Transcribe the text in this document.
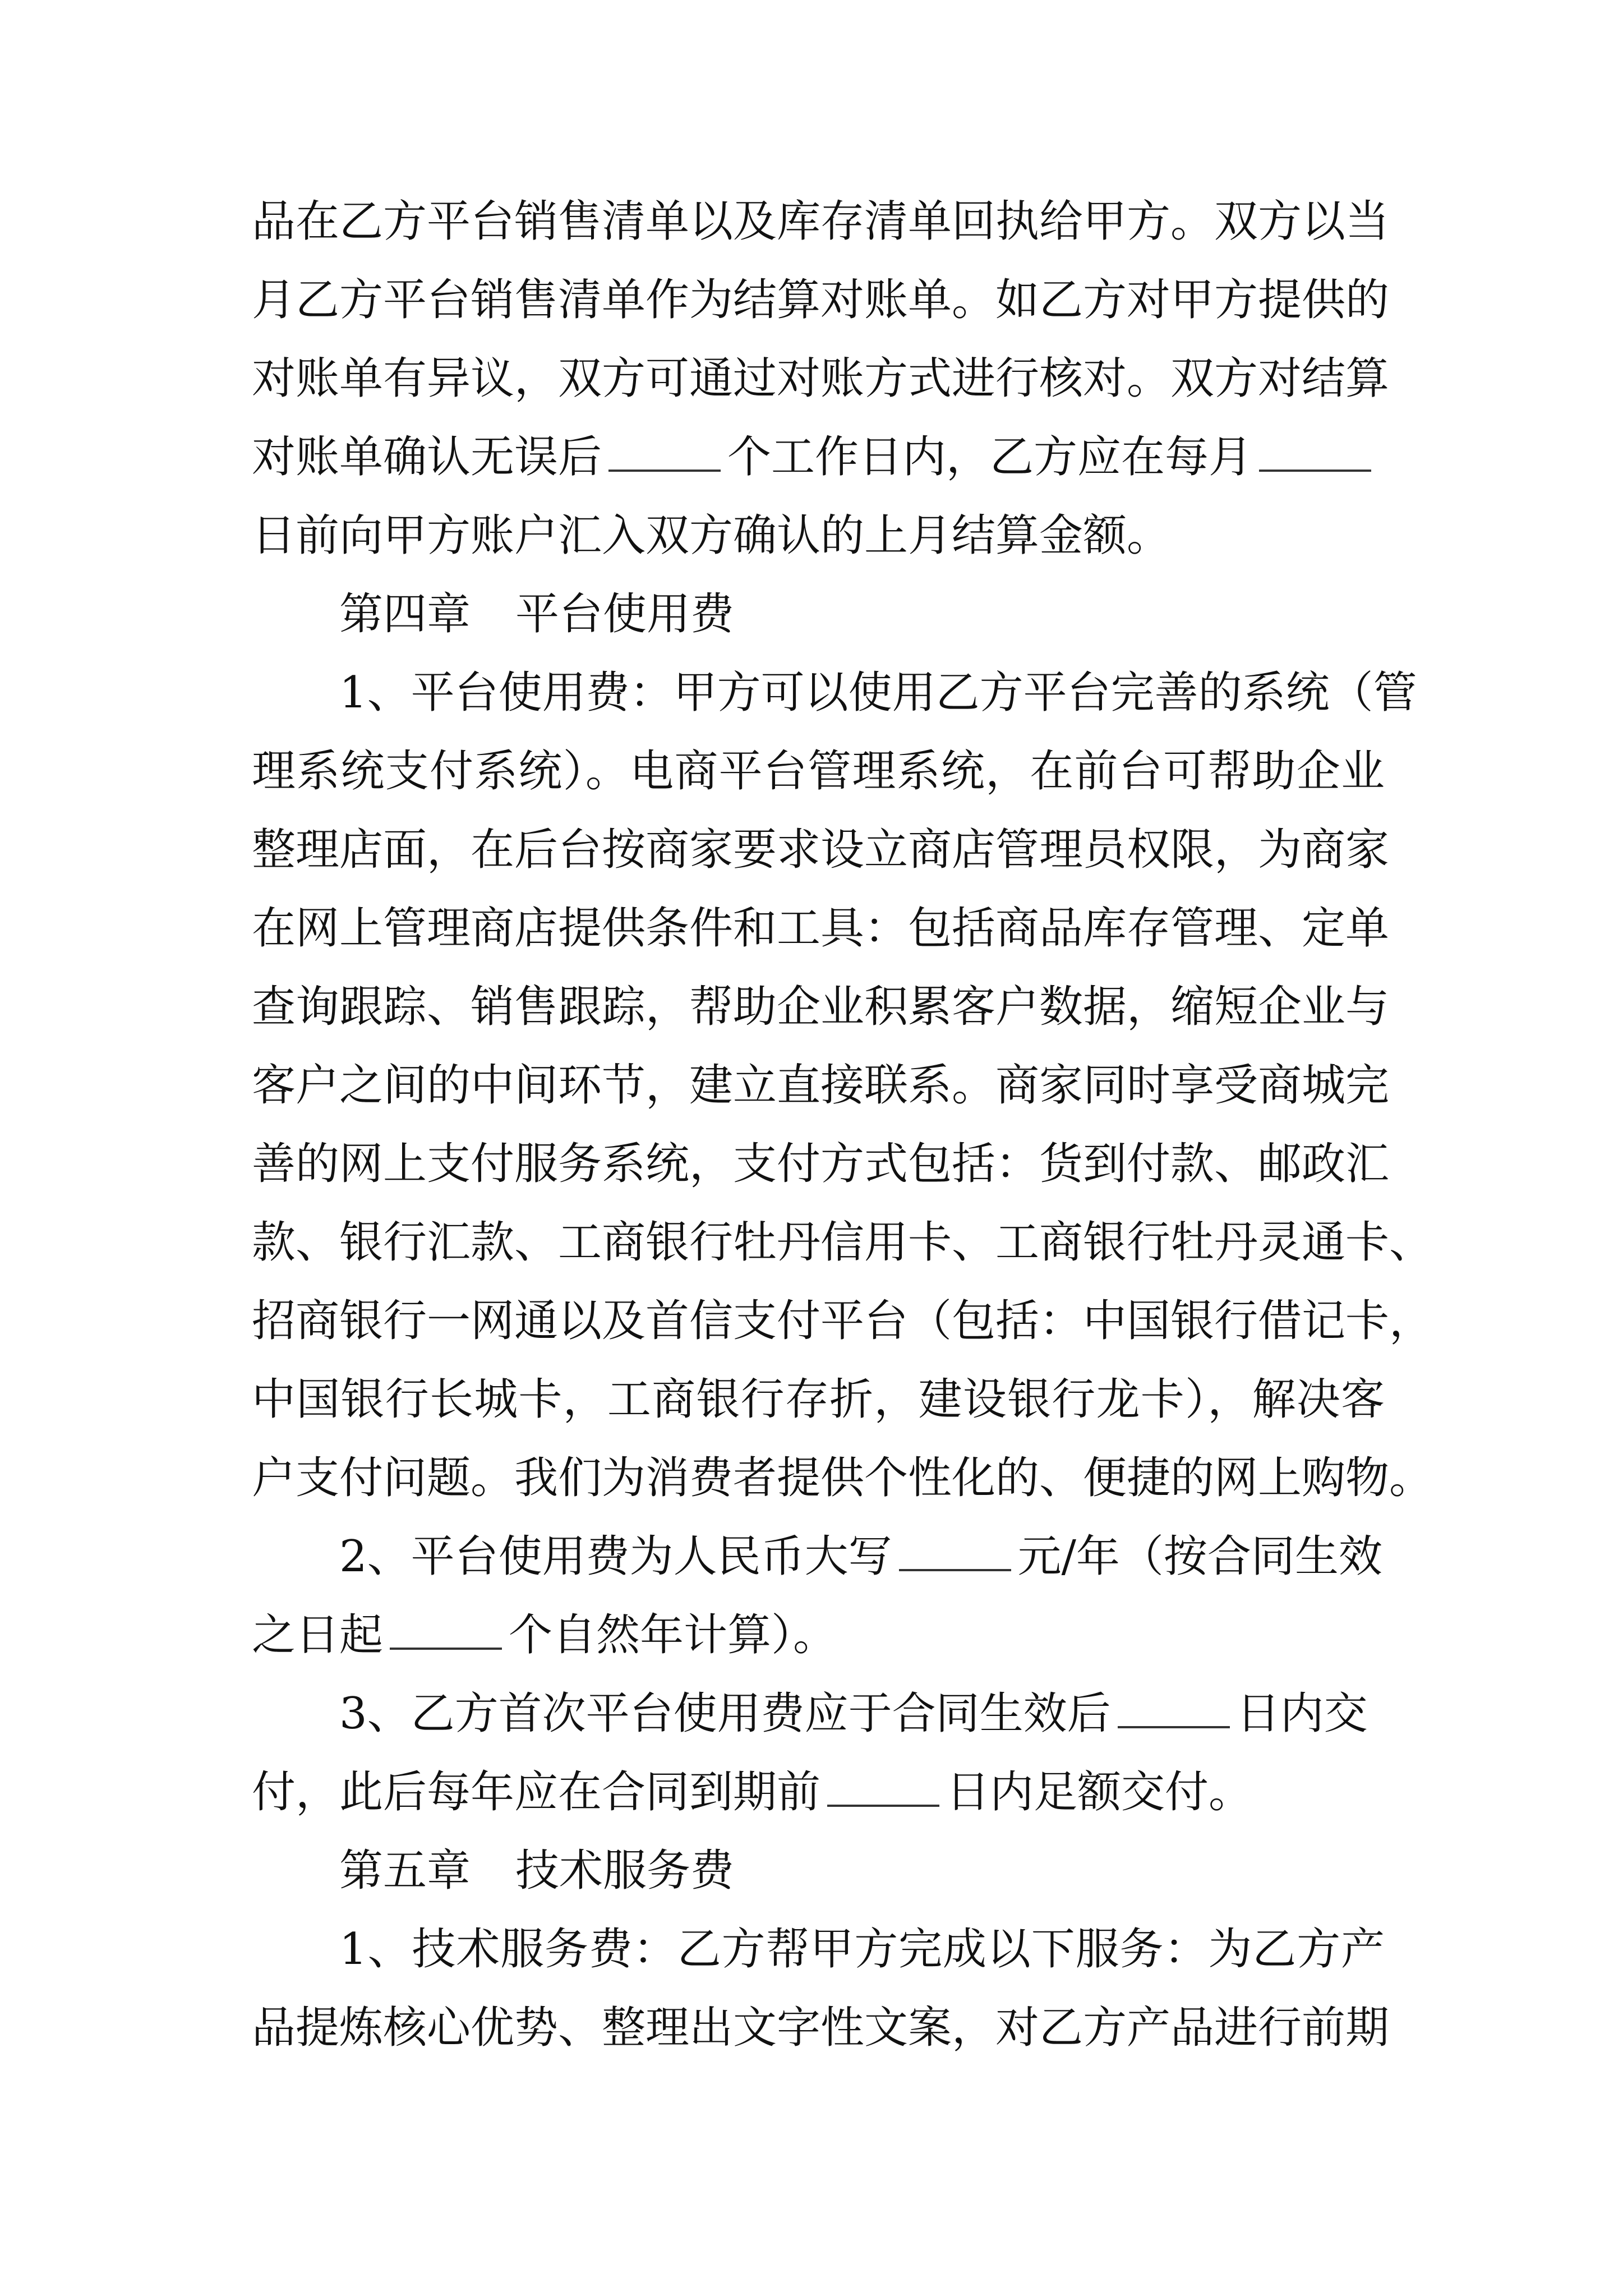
品在乙方平台销售清单以及库存清单回执给甲方。双方以当
月乙方平台销售清单作为结算对账单。如乙方对甲方提供的
对账单有异议，双方可通过对账方式进行核对。双方对结算
对账单确认无误后	个工作日内，乙方应在每月
日前向甲方账户汇入双方确认的上月结算金额。
第四章 平台使用费
1、平台使用费：甲方可以使用乙方平台完善的系统（管
理系统支付系统）。电商平台管理系统，在前台可帮助企业
整理店面，在后台按商家要求设立商店管理员权限，为商家
在网上管理商店提供条件和工具：包括商品库存管理、定单
查询跟踪、销售跟踪，帮助企业积累客户数据，缩短企业与
客户之间的中间环节，建立直接联系。商家同时享受商城完
善的网上支付服务系统，支付方式包括：货到付款、邮政汇
款、银行汇款、工商银行牡丹信用卡、工商银行牡丹灵通卡、
招商银行一网通以及首信支付平台（包括：中国银行借记卡，
中国银行长城卡，工商银行存折，建设银行龙卡），解决客
户支付问题。我们为消费者提供个性化的、便捷的网上购物。
2、平台使用费为人民币大写	元/年（按合同生效
之日起	个自然年计算）。
3、乙方首次平台使用费应于合同生效后	日内交
付，此后每年应在合同到期前	日内足额交付。
第五章 技术服务费
1、技术服务费：乙方帮甲方完成以下服务：为乙方产
品提炼核心优势、整理出文字性文案，对乙方产品进行前期
